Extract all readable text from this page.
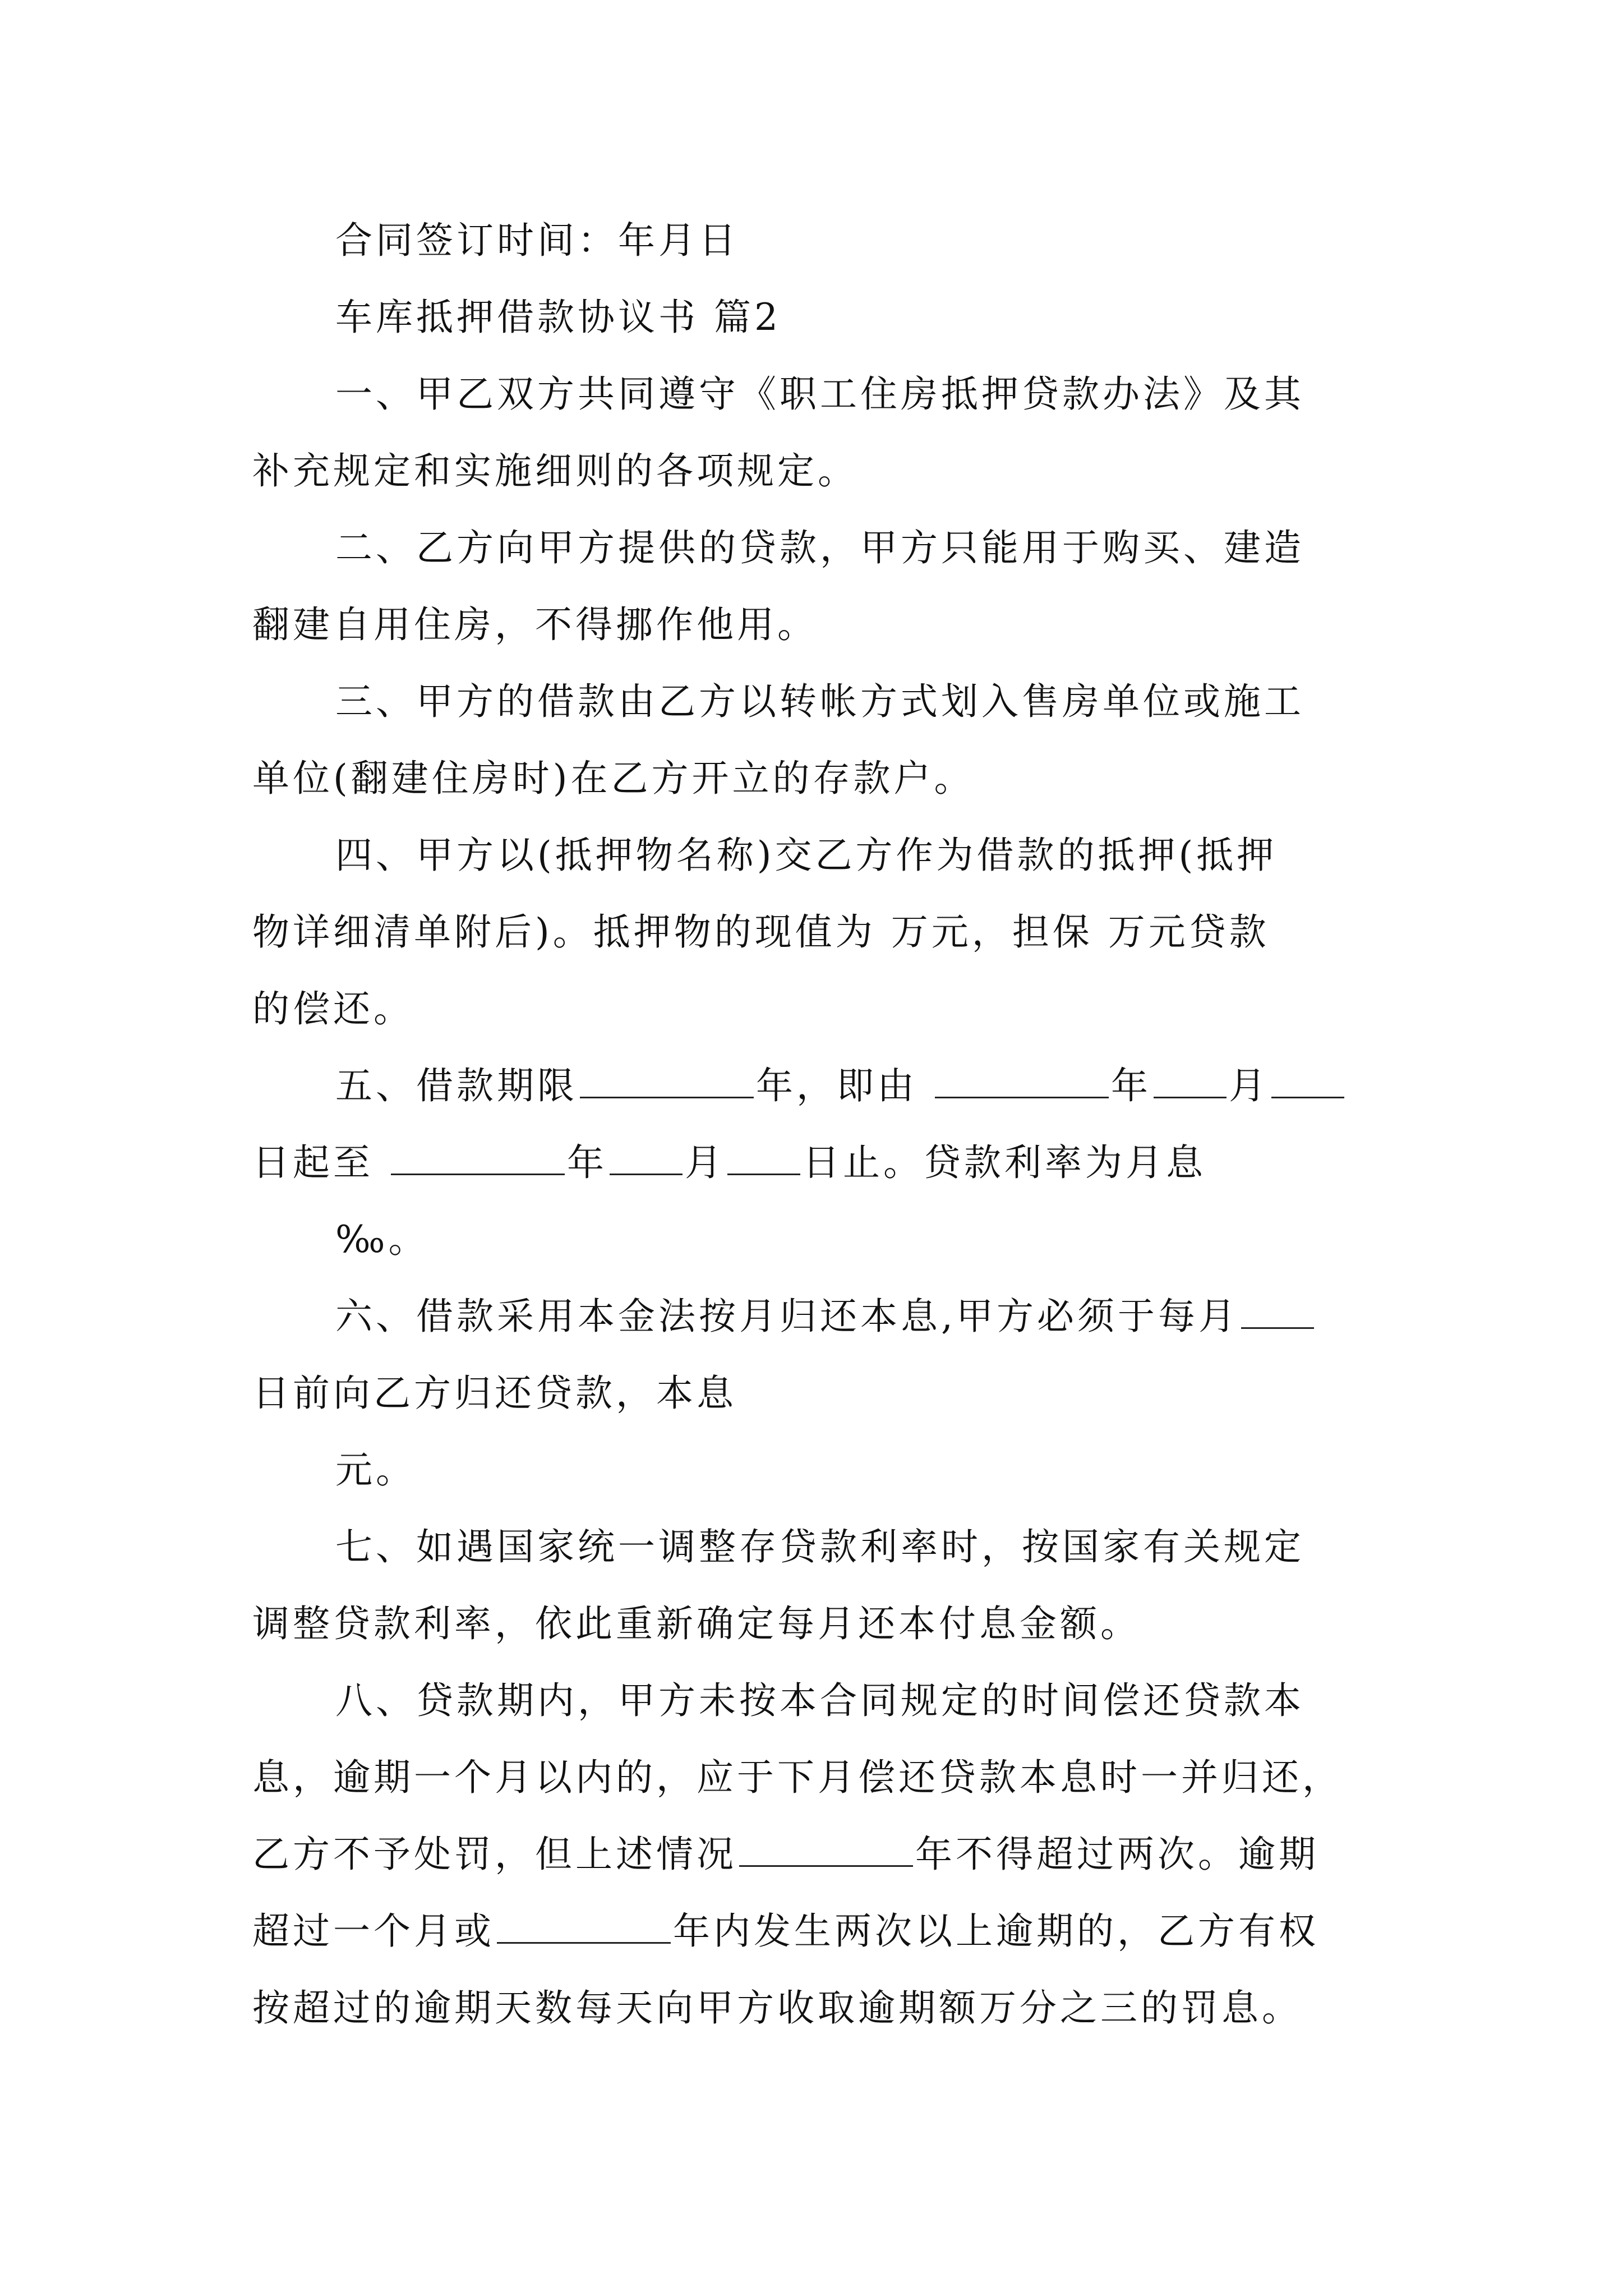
合同签订时间：年月日
车库抵押借款协议书 篇2
一、甲乙双方共同遵守《职工住房抵押贷款办法》及其
补充规定和实施细则的各项规定。
二、乙方向甲方提供的贷款，甲方只能用于购买、建造
翻建自用住房，不得挪作他用。
三、甲方的借款由乙方以转帐方式划入售房单位或施工
单位(翻建住房时)在乙方开立的存款户。
四、甲方以(抵押物名称)交乙方作为借款的抵押(抵押
物详细清单附后)。抵押物的现值为 万元，担保 万元贷款
的偿还。
五、借款期限	年，即由	年 月
日起至	年 月 日止。贷款利率为月息
‰。
六、借款采用本金法按月归还本息,甲方必须于每月
日前向乙方归还贷款，本息
元。
七、如遇国家统一调整存贷款利率时，按国家有关规定
调整贷款利率，依此重新确定每月还本付息金额。
八、贷款期内，甲方未按本合同规定的时间偿还贷款本
息，逾期一个月以内的，应于下月偿还贷款本息时一并归还，
乙方不予处罚，但上述情况	年不得超过两次。逾期
超过一个月或	年内发生两次以上逾期的，乙方有权
按超过的逾期天数每天向甲方收取逾期额万分之三的罚息。
